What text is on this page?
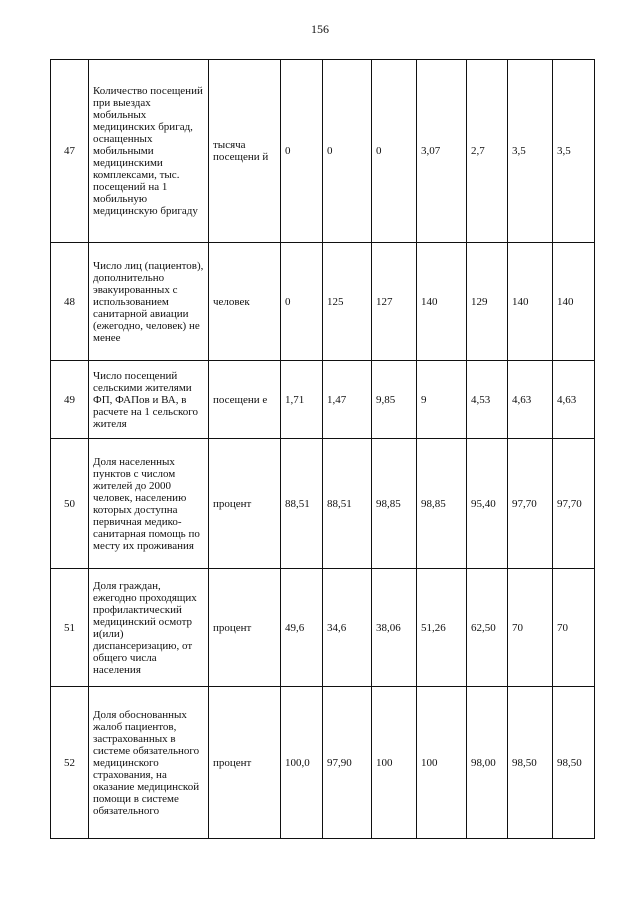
156
47	Количество посещений при выездах мобильных медицинских бригад, оснащенных мобильными медицинскими комплексами, тыс. посещений на 1 мобильную медицинскую бригаду	тысяча посещени й	0	0	0	3,07	2,7	3,5	3,5
48	Число лиц (пациентов), дополнительно эвакуированных с использованием санитарной авиации (ежегодно, человек) не менее	человек	0	125	127	140	129	140	140
49	Число посещений сельскими жителями ФП, ФАПов и ВА, в расчете на 1 сельского жителя	посещени е	1,71	1,47	9,85	9	4,53	4,63	4,63
50	Доля населенных пунктов с числом жителей до 2000 человек, населению которых доступна первичная медико-санитарная помощь по месту их проживания	процент	88,51	88,51	98,85	98,85	95,40	97,70	97,70
51	Доля граждан, ежегодно проходящих профилактический медицинский осмотр и(или) диспансеризацию, от общего числа населения	процент	49,6	34,6	38,06	51,26	62,50	70	70
52	Доля обоснованных жалоб пациентов, застрахованных в системе обязательного медицинского страхования, на оказание медицинской помощи в системе обязательного	процент	100,0	97,90	100	100	98,00	98,50	98,50
